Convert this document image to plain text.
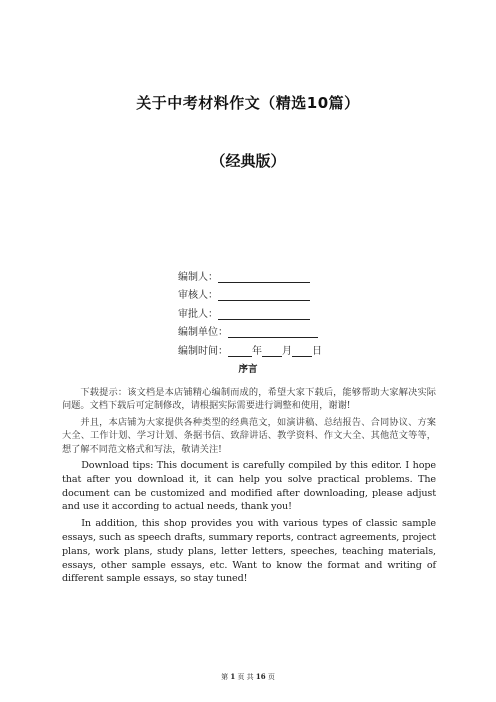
关于中考材料作文（精选10篇）
（经典版）
编制人：
审核人：
审批人：
编制单位：
编制时间： 年 月 日
序言

下载提示：该文档是本店铺精心编制而成的，希望大家下载后，能够帮助大家解决实际问题。文档下载后可定制修改，请根据实际需要进行调整和使用，谢谢!

并且，本店铺为大家提供各种类型的经典范文，如演讲稿、总结报告、合同协议、方案大全、工作计划、学习计划、条据书信、致辞讲话、教学资料、作文大全、其他范文等等，想了解不同范文格式和写法，敬请关注!

Download tips: This document is carefully compiled by this editor. I hope that after you download it, it can help you solve practical problems. The document can be customized and modified after downloading, please adjust and use it according to actual needs, thank you!

In addition, this shop provides you with various types of classic sample essays, such as speech drafts, summary reports, contract agreements, project plans, work plans, study plans, letter letters, speeches, teaching materials, essays, other sample essays, etc. Want to know the format and writing of different sample essays, so stay tuned!

第 1 页 共 16 页
